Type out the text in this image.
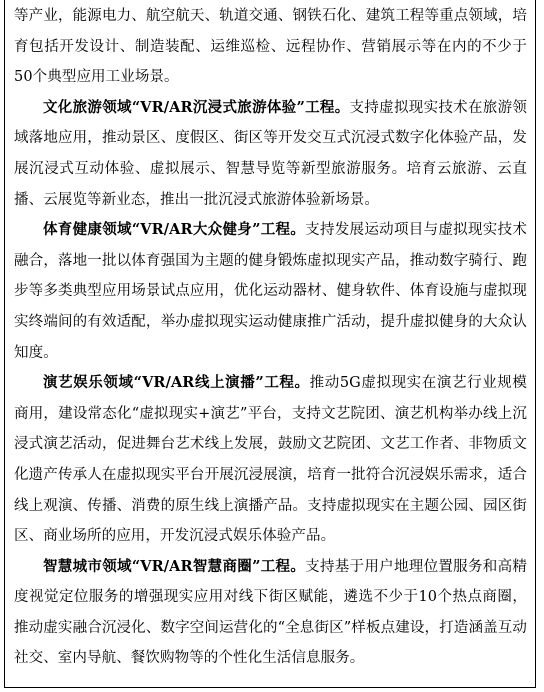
等产业，能源电力、航空航天、轨道交通、钢铁石化、建筑工程等重点领域，培育包括开发设计、制造装配、运维巡检、远程协作、营销展示等在内的不少于50个典型应用工业场景。

文化旅游领域“VR/AR沉浸式旅游体验”工程。支持虚拟现实技术在旅游领域落地应用，推动景区、度假区、街区等开发交互式沉浸式数字化体验产品，发展沉浸式互动体验、虚拟展示、智慧导览等新型旅游服务。培育云旅游、云直播、云展览等新业态，推出一批沉浸式旅游体验新场景。

体育健康领域“VR/AR大众健身”工程。支持发展运动项目与虚拟现实技术融合，落地一批以体育强国为主题的健身锻炼虚拟现实产品，推动数字骑行、跑步等多类典型应用场景试点应用，优化运动器材、健身软件、体育设施与虚拟现实终端间的有效适配，举办虚拟现实运动健康推广活动，提升虚拟健身的大众认知度。

演艺娱乐领域“VR/AR线上演播”工程。推动5G虚拟现实在演艺行业规模商用，建设常态化“虚拟现实+演艺”平台，支持文艺院团、演艺机构举办线上沉浸式演艺活动，促进舞台艺术线上发展，鼓励文艺院团、文艺工作者、非物质文化遗产传承人在虚拟现实平台开展沉浸展演，培育一批符合沉浸娱乐需求，适合线上观演、传播、消费的原生线上演播产品。支持虚拟现实在主题公园、园区街区、商业场所的应用，开发沉浸式娱乐体验产品。

智慧城市领域“VR/AR智慧商圈”工程。支持基于用户地理位置服务和高精度视觉定位服务的增强现实应用对线下街区赋能，遴选不少于10个热点商圈，推动虚实融合沉浸化、数字空间运营化的“全息街区”样板点建设，打造涵盖互动社交、室内导航、餐饮购物等的个性化生活信息服务。
